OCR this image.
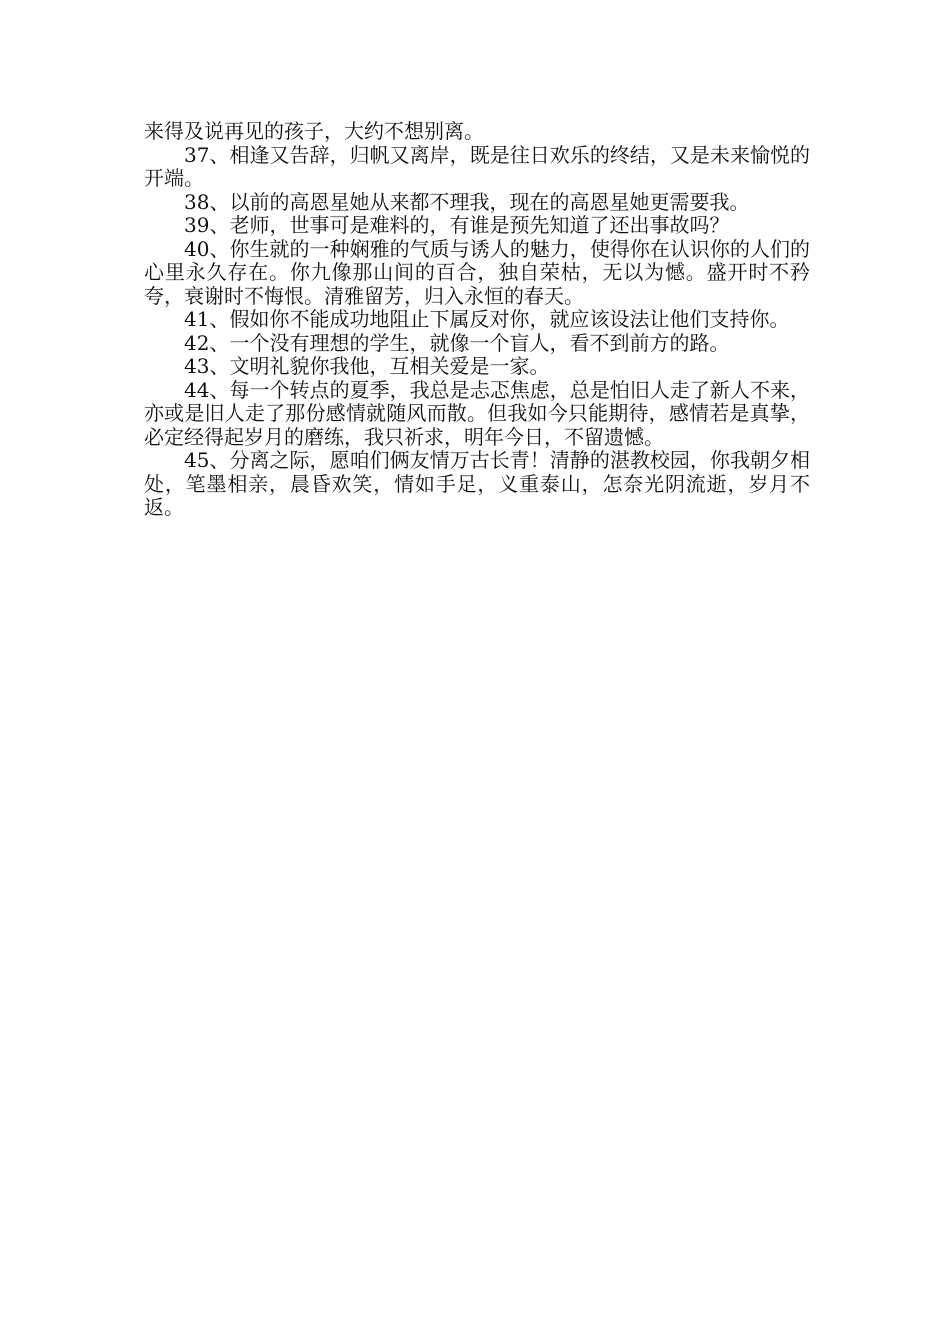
来得及说再见的孩子，大约不想别离。

37、相逢又告辞，归帆又离岸，既是往日欢乐的终结，又是未来愉悦的开端。

38、以前的高恩星她从来都不理我，现在的高恩星她更需要我。

39、老师，世事可是难料的，有谁是预先知道了还出事故吗？

40、你生就的一种娴雅的气质与诱人的魅力，使得你在认识你的人们的心里永久存在。你九像那山间的百合，独自荣枯，无以为憾。盛开时不矜夸，衰谢时不悔恨。清雅留芳，归入永恒的春天。

41、假如你不能成功地阻止下属反对你，就应该设法让他们支持你。

42、一个没有理想的学生，就像一个盲人，看不到前方的路。

43、文明礼貌你我他，互相关爱是一家。

44、每一个转点的夏季，我总是忐忑焦虑，总是怕旧人走了新人不来，亦或是旧人走了那份感情就随风而散。但我如今只能期待，感情若是真挚，必定经得起岁月的磨练，我只祈求，明年今日，不留遗憾。

45、分离之际，愿咱们俩友情万古长青！清静的湛教校园，你我朝夕相处，笔墨相亲，晨昏欢笑，情如手足，义重泰山，怎奈光阴流逝，岁月不返。
